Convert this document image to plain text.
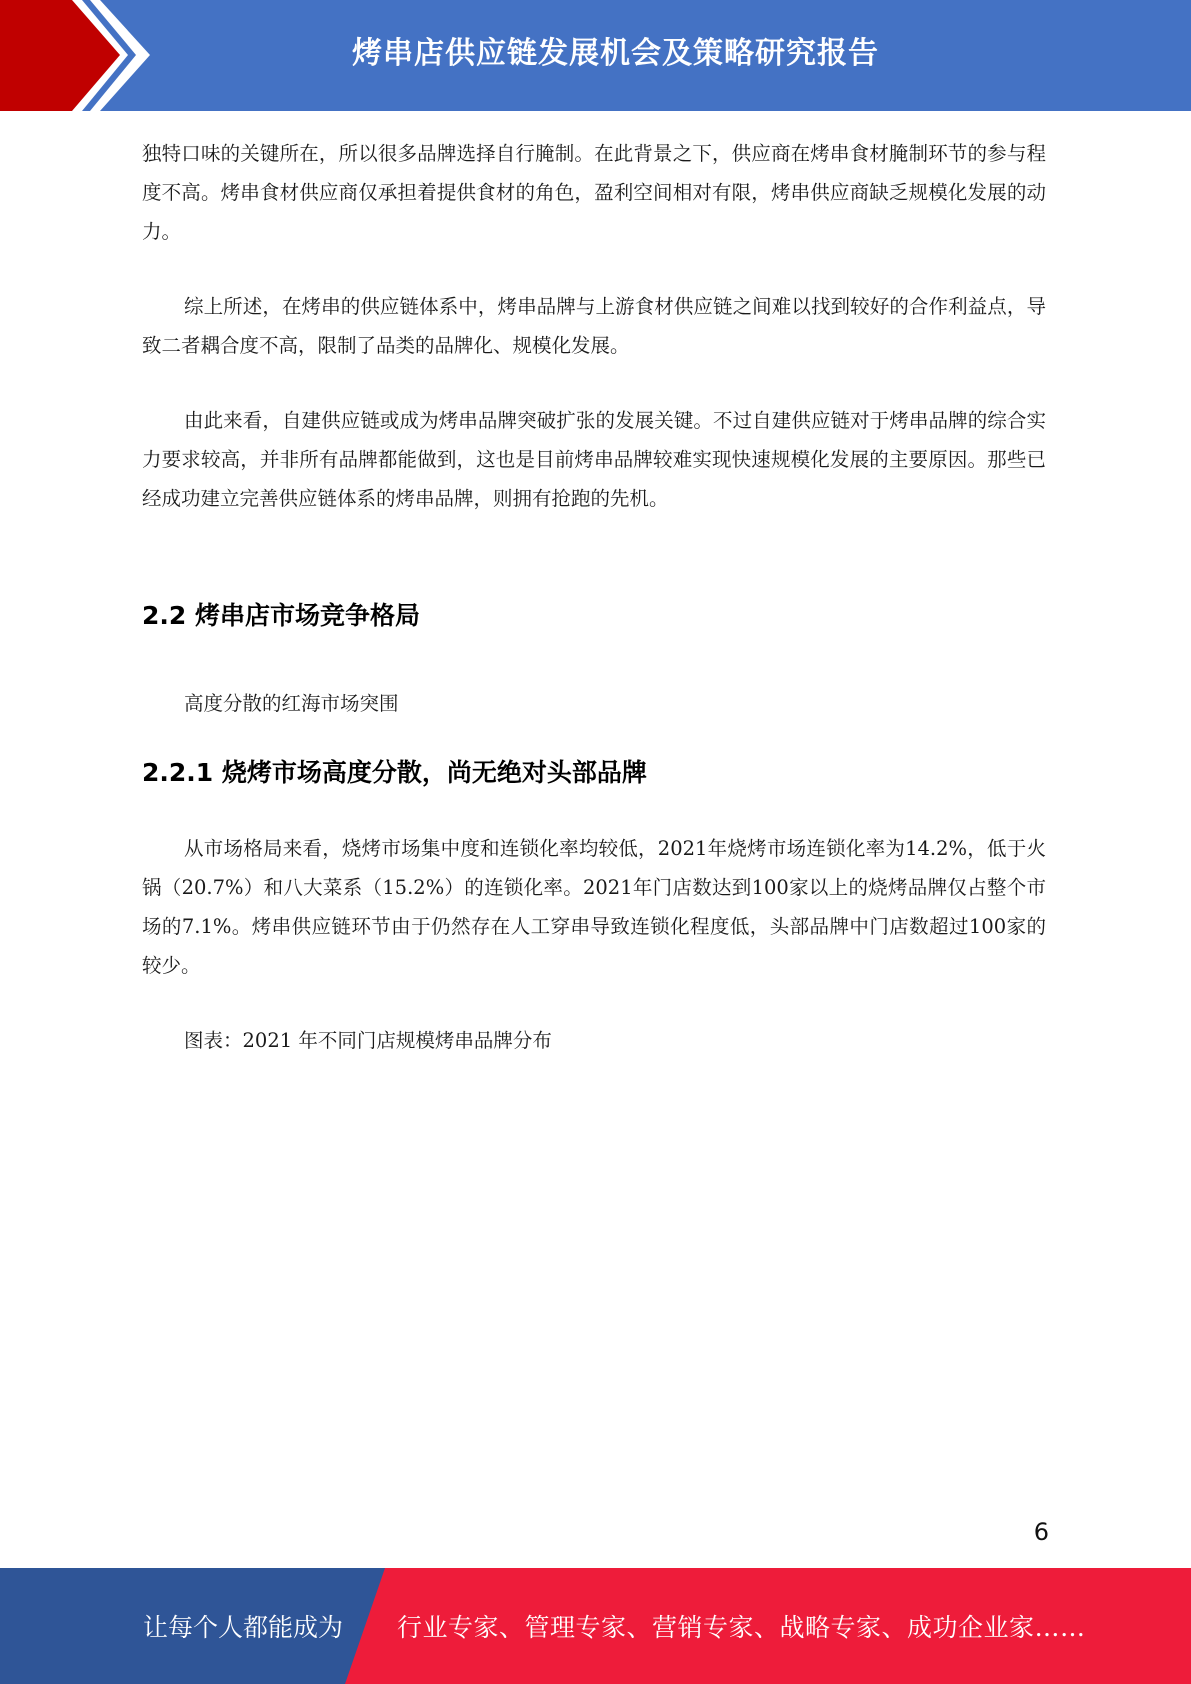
烤串店供应链发展机会及策略研究报告

独特口味的关键所在，所以很多品牌选择自行腌制。在此背景之下，供应商在烤串食材腌制环节的参与程度不高。烤串食材供应商仅承担着提供食材的角色，盈利空间相对有限，烤串供应商缺乏规模化发展的动力。

综上所述，在烤串的供应链体系中，烤串品牌与上游食材供应链之间难以找到较好的合作利益点，导致二者耦合度不高，限制了品类的品牌化、规模化发展。

由此来看，自建供应链或成为烤串品牌突破扩张的发展关键。不过自建供应链对于烤串品牌的综合实力要求较高，并非所有品牌都能做到，这也是目前烤串品牌较难实现快速规模化发展的主要原因。那些已经成功建立完善供应链体系的烤串品牌，则拥有抢跑的先机。

2.2 烤串店市场竞争格局

高度分散的红海市场突围

2.2.1 烧烤市场高度分散，尚无绝对头部品牌

从市场格局来看，烧烤市场集中度和连锁化率均较低，2021年烧烤市场连锁化率为14.2%，低于火锅（20.7%）和八大菜系（15.2%）的连锁化率。2021年门店数达到100家以上的烧烤品牌仅占整个市场的7.1%。烤串供应链环节由于仍然存在人工穿串导致连锁化程度低，头部品牌中门店数超过100家的较少。

图表：2021 年不同门店规模烤串品牌分布

6
让每个人都能成为 行业专家、管理专家、营销专家、战略专家、成功企业家……
